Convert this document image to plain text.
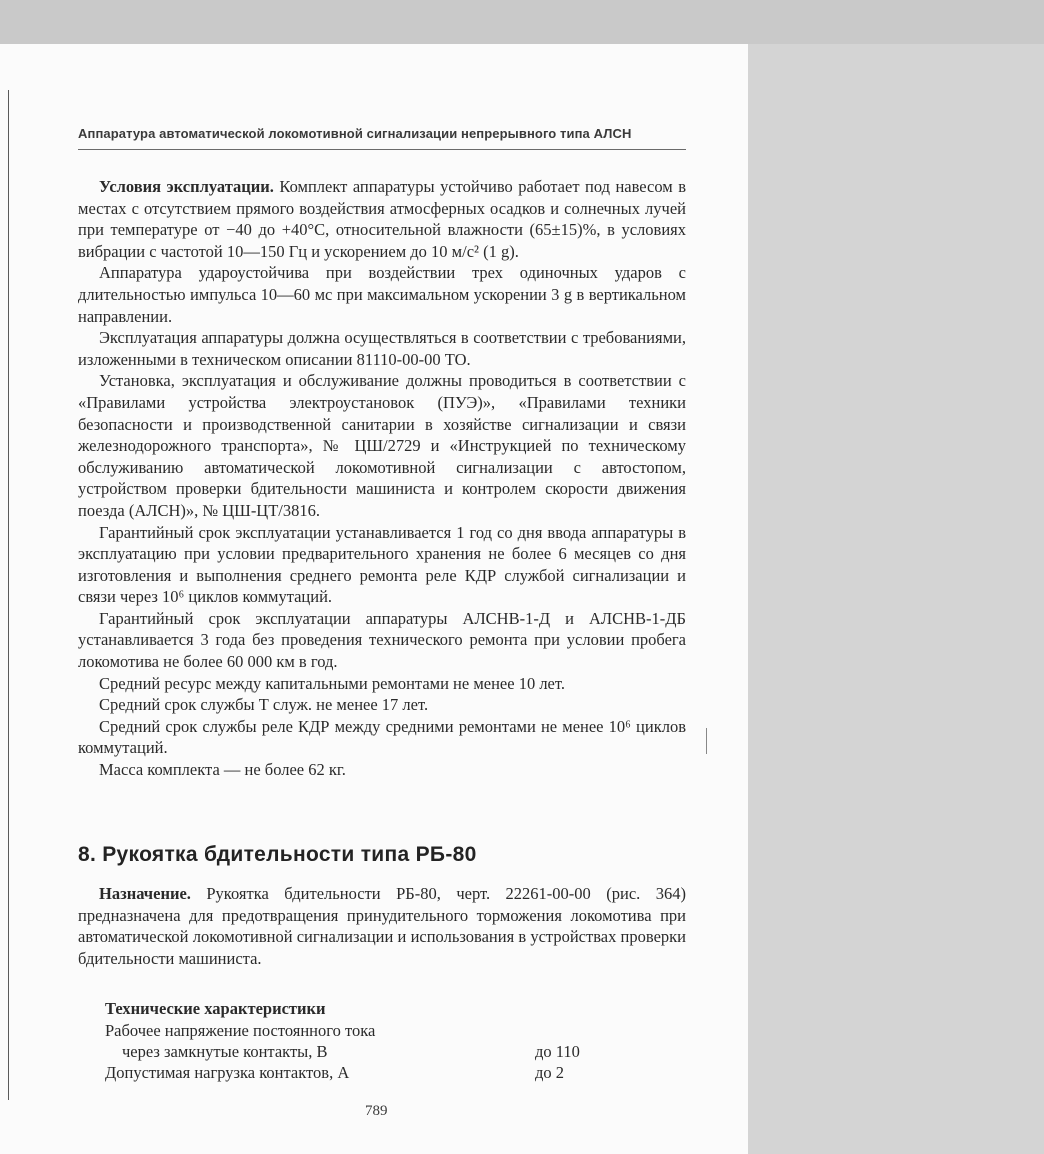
Аппаратура автоматической локомотивной сигнализации непрерывного типа АЛСН

Условия эксплуатации. Комплект аппаратуры устойчиво работает под навесом в местах с отсутствием прямого воздействия атмосферных осадков и солнечных лучей при температуре от −40 до +40°С, относительной влажности (65±15)%, в условиях вибрации с частотой 10—150 Гц и ускорением до 10 м/с² (1 g).

Аппаратура удароустойчива при воздействии трех одиночных ударов с длительностью импульса 10—60 мс при максимальном ускорении 3 g в вертикальном направлении.

Эксплуатация аппаратуры должна осуществляться в соответствии с требованиями, изложенными в техническом описании 81110-00-00 ТО.

Установка, эксплуатация и обслуживание должны проводиться в соответствии с «Правилами устройства электроустановок (ПУЭ)», «Правилами техники безопасности и производственной санитарии в хозяйстве сигнализации и связи железнодорожного транспорта», № ЦШ/2729 и «Инструкцией по техническому обслуживанию автоматической локомотивной сигнализации с автостопом, устройством проверки бдительности машиниста и контролем скорости движения поезда (АЛСН)», № ЦШ-ЦТ/3816.

Гарантийный срок эксплуатации устанавливается 1 год со дня ввода аппаратуры в эксплуатацию при условии предварительного хранения не более 6 месяцев со дня изготовления и выполнения среднего ремонта реле КДР службой сигнализации и связи через 10⁶ циклов коммутаций.

Гарантийный срок эксплуатации аппаратуры АЛСНВ-1-Д и АЛСНВ-1-ДБ устанавливается 3 года без проведения технического ремонта при условии пробега локомотива не более 60 000 км в год.

Средний ресурс между капитальными ремонтами не менее 10 лет.

Средний срок службы Т служ. не менее 17 лет.

Средний срок службы реле КДР между средними ремонтами не менее 10⁶ циклов коммутаций.

Масса комплекта — не более 62 кг.

8. Рукоятка бдительности типа РБ-80

Назначение. Рукоятка бдительности РБ-80, черт. 22261-00-00 (рис. 364) предназначена для предотвращения принудительного торможения локомотива при автоматической локомотивной сигнализации и использования в устройствах проверки бдительности машиниста.

Технические характеристики
Рабочее напряжение постоянного тока
через замкнутые контакты, В	до 110
Допустимая нагрузка контактов, А	до 2
789
